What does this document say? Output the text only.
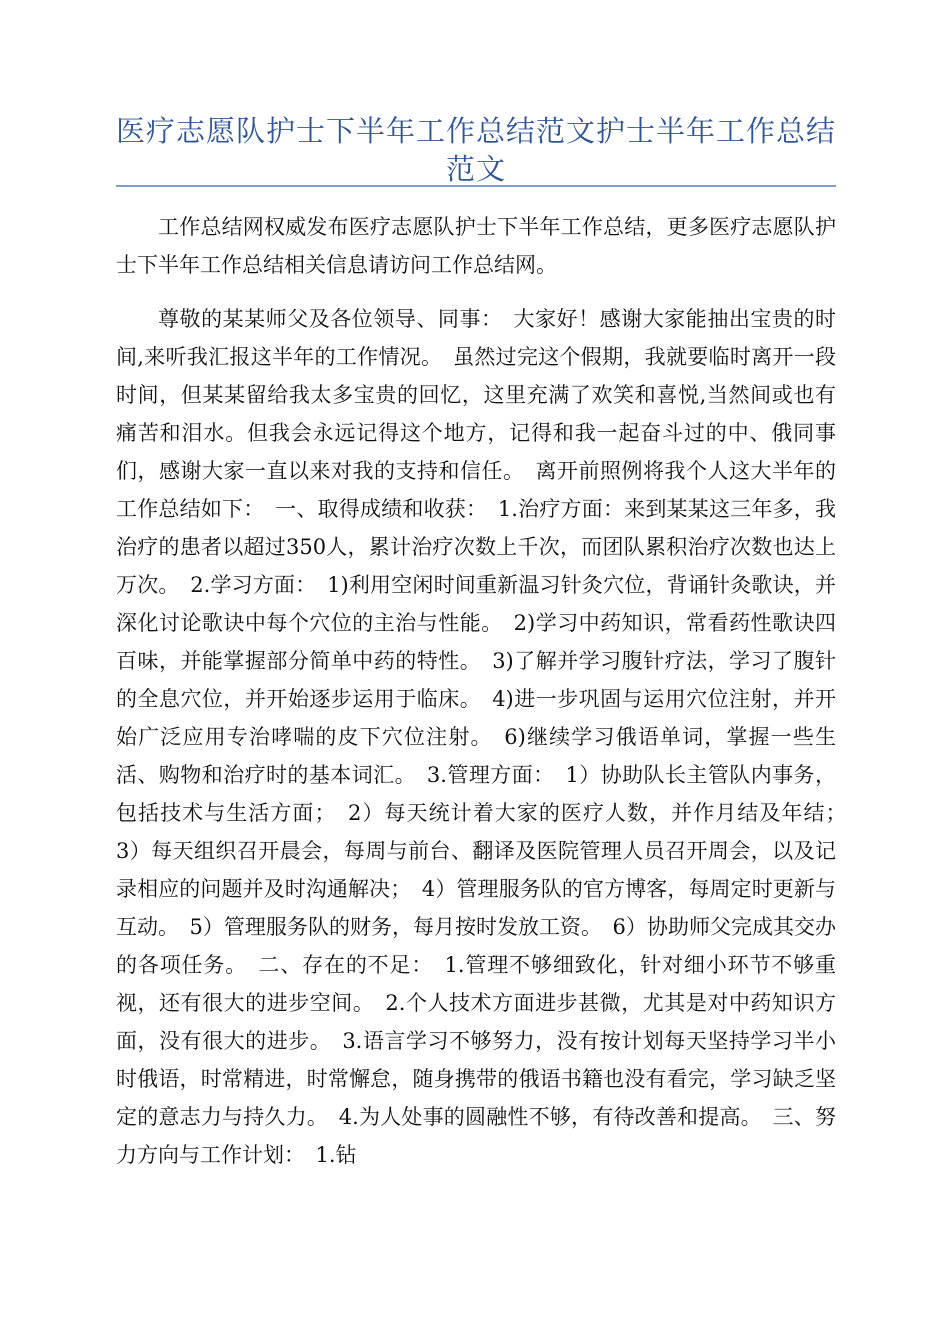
医疗志愿队护士下半年工作总结范文护士半年工作总结范文

工作总结网权威发布医疗志愿队护士下半年工作总结，更多医疗志愿队护士下半年工作总结相关信息请访问工作总结网。

尊敬的某某师父及各位领导、同事：　大家好！感谢大家能抽出宝贵的时间,来听我汇报这半年的工作情况。　虽然过完这个假期，我就要临时离开一段时间，但某某留给我太多宝贵的回忆，这里充满了欢笑和喜悦,当然间或也有痛苦和泪水。但我会永远记得这个地方，记得和我一起奋斗过的中、俄同事们，感谢大家一直以来对我的支持和信任。　离开前照例将我个人这大半年的工作总结如下：　一、取得成绩和收获：　1.治疗方面：来到某某这三年多，我治疗的患者以超过350人，累计治疗次数上千次，而团队累积治疗次数也达上万次。　2.学习方面：　1)利用空闲时间重新温习针灸穴位，背诵针灸歌诀，并深化讨论歌诀中每个穴位的主治与性能。　2)学习中药知识，常看药性歌诀四百味，并能掌握部分简单中药的特性。　3)了解并学习腹针疗法，学习了腹针的全息穴位，并开始逐步运用于临床。　4)进一步巩固与运用穴位注射，并开始广泛应用专治哮喘的皮下穴位注射。　6)继续学习俄语单词，掌握一些生活、购物和治疗时的基本词汇。　3.管理方面：　1）协助队长主管队内事务，包括技术与生活方面；　2）每天统计着大家的医疗人数，并作月结及年结；　3）每天组织召开晨会，每周与前台、翻译及医院管理人员召开周会，以及记录相应的问题并及时沟通解决；　4）管理服务队的官方博客，每周定时更新与互动。　5）管理服务队的财务，每月按时发放工资。　6）协助师父完成其交办的各项任务。　二、存在的不足：　1.管理不够细致化，针对细小环节不够重视，还有很大的进步空间。　2.个人技术方面进步甚微，尤其是对中药知识方面，没有很大的进步。　3.语言学习不够努力，没有按计划每天坚持学习半小时俄语，时常精进，时常懈怠，随身携带的俄语书籍也没有看完，学习缺乏坚定的意志力与持久力。　4.为人处事的圆融性不够，有待改善和提高。　三、努力方向与工作计划：　1.钻
